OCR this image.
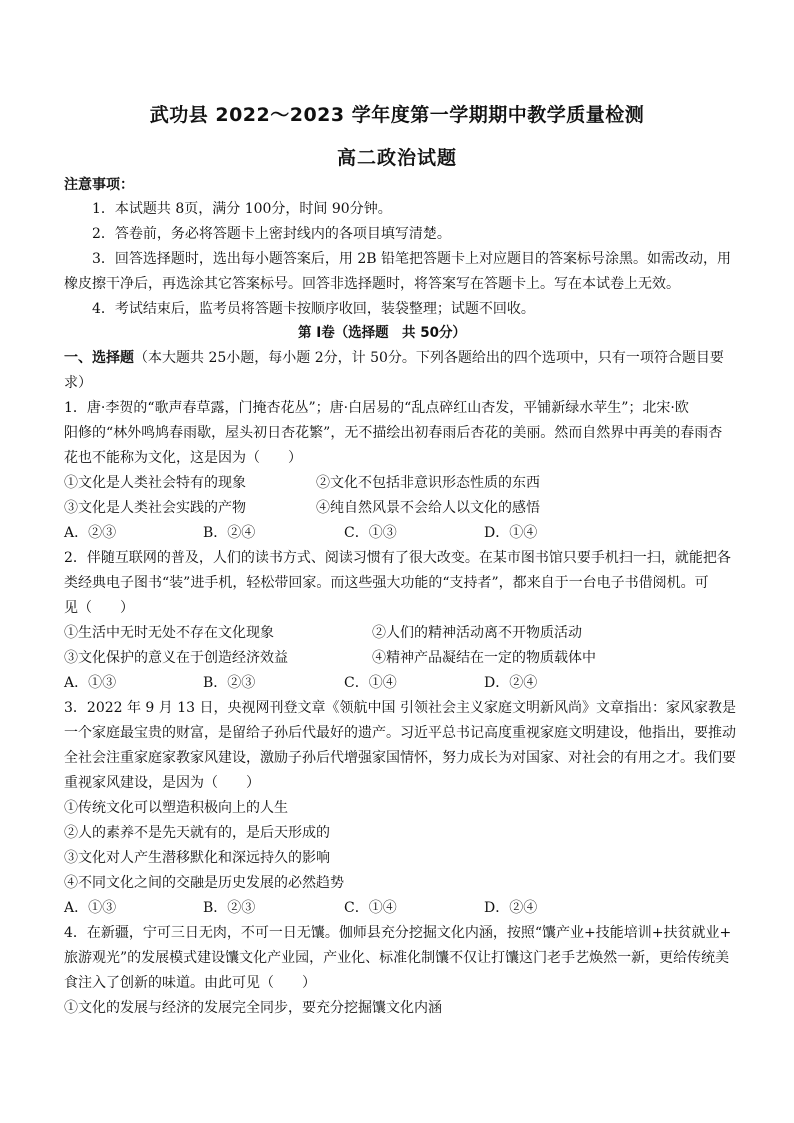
武功县 2022～2023 学年度第一学期期中教学质量检测
高二政治试题
注意事项：
1．本试题共 8页，满分 100分，时间 90分钟。
2．答卷前，务必将答题卡上密封线内的各项目填写清楚。
3．回答选择题时，选出每小题答案后，用 2B 铅笔把答题卡上对应题目的答案标号涂黑。如需改动，用
橡皮擦干净后，再选涂其它答案标号。回答非选择题时，将答案写在答题卡上。写在本试卷上无效。
4．考试结束后，监考员将答题卡按顺序收回，装袋整理；试题不回收。
第 I卷（选择题　共 50分）
一、选择题（本大题共 25小题，每小题 2分，计 50分。下列各题给出的四个选项中，只有一项符合题目要
求）
1．唐·李贺的“歌声春草露，门掩杏花丛”；唐·白居易的“乱点碎红山杏发，平铺新绿水苹生”；北宋·欧
阳修的“林外鸣鸠春雨歇，屋头初日杏花繁”，无不描绘出初春雨后杏花的美丽。然而自然界中再美的春雨杏
花也不能称为文化，这是因为（　　）
①文化是人类社会特有的现象	②文化不包括非意识形态性质的东西
③文化是人类社会实践的产物	④纯自然风景不会给人以文化的感悟
A．②③	B．②④	C．①③	D．①④
2．伴随互联网的普及，人们的读书方式、阅读习惯有了很大改变。在某市图书馆只要手机扫一扫，就能把各
类经典电子图书“装”进手机，轻松带回家。而这些强大功能的“支持者”，都来自于一台电子书借阅机。可
见（　　）
①生活中无时无处不存在文化现象	②人们的精神活动离不开物质活动
③文化保护的意义在于创造经济效益	④精神产品凝结在一定的物质载体中
A．①③	B．②③	C．①④	D．②④
3．2022 年 9 月 13 日，央视网刊登文章《领航中国 引领社会主义家庭文明新风尚》文章指出：家风家教是
一个家庭最宝贵的财富，是留给子孙后代最好的遗产。习近平总书记高度重视家庭文明建设，他指出，要推动
全社会注重家庭家教家风建设，激励子孙后代增强家国情怀，努力成长为对国家、对社会的有用之才。我们要
重视家风建设，是因为（　　）
①传统文化可以塑造积极向上的人生
②人的素养不是先天就有的，是后天形成的
③文化对人产生潜移默化和深远持久的影响
④不同文化之间的交融是历史发展的必然趋势
A．①③	B．②③	C．①④	D．②④
4．在新疆，宁可三日无肉，不可一日无馕。伽师县充分挖掘文化内涵，按照“馕产业+技能培训+扶贫就业+
旅游观光”的发展模式建设馕文化产业园，产业化、标准化制馕不仅让打馕这门老手艺焕然一新，更给传统美
食注入了创新的味道。由此可见（　　）
①文化的发展与经济的发展完全同步，要充分挖掘馕文化内涵
